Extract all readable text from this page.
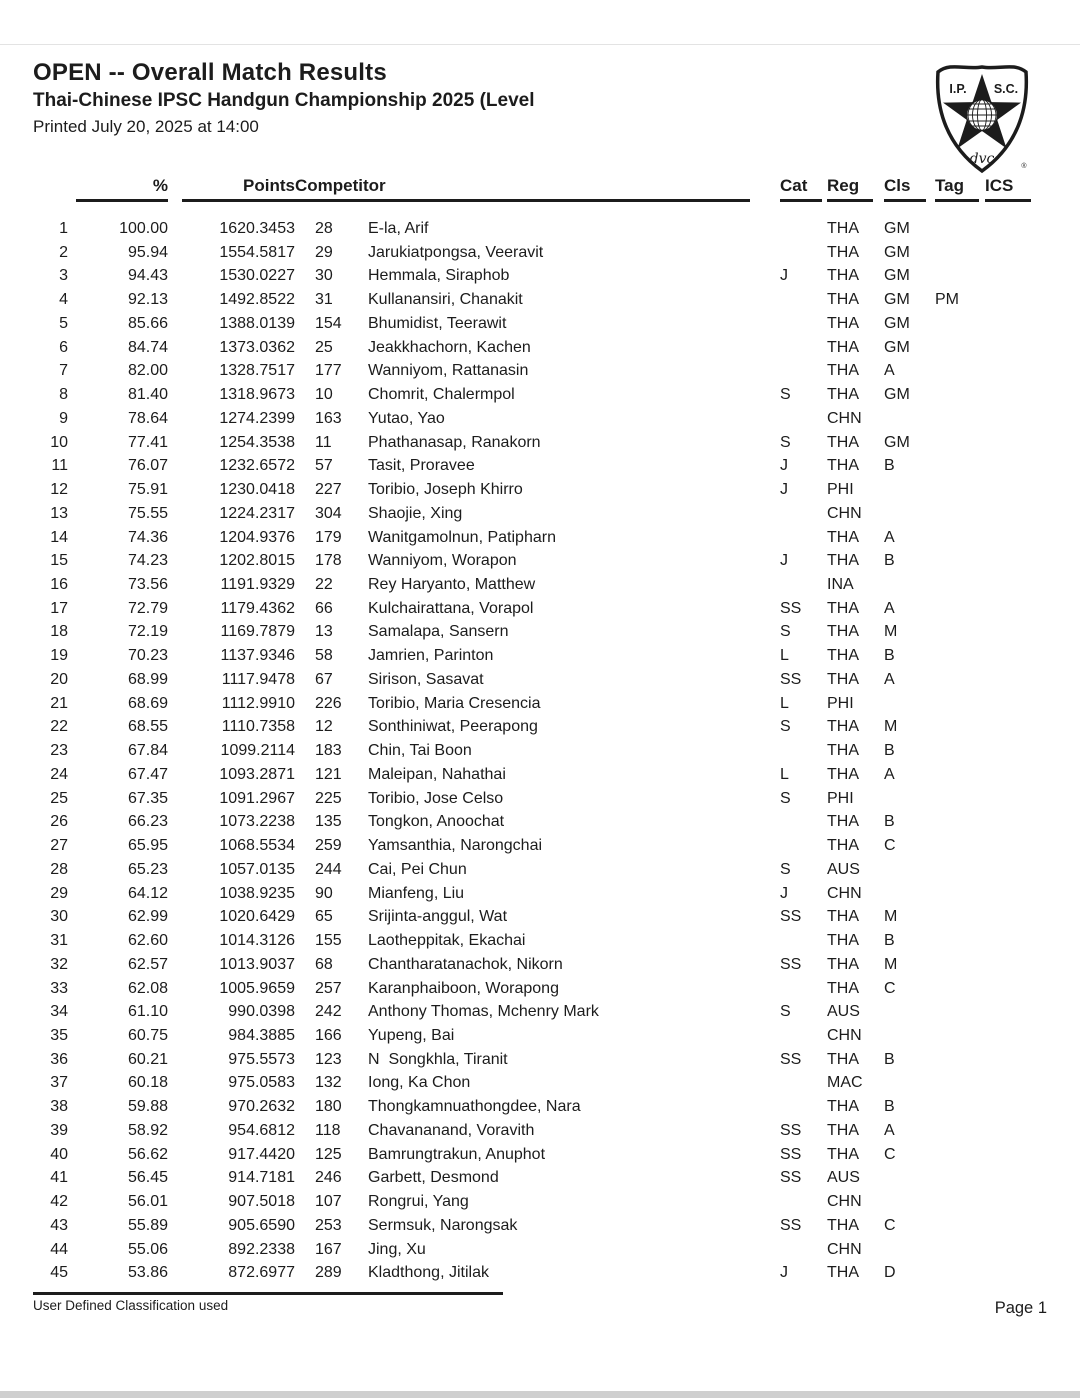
OPEN -- Overall Match Results
Thai-Chinese IPSC Handgun Championship 2025 (Level
Printed July 20, 2025 at 14:00
I.P. S.C.
dvc	®

	%	Points	Competitor		Cat	Reg	Cls	Tag	ICS

1	100.00	1620.3453	28	E-la, Arif		THA	GM		
2	95.94	1554.5817	29	Jarukiatpongsa, Veeravit		THA	GM		
3	94.43	1530.0227	30	Hemmala, Siraphob	J	THA	GM		
4	92.13	1492.8522	31	Kullanansiri, Chanakit		THA	GM	PM	
5	85.66	1388.0139	154	Bhumidist, Teerawit		THA	GM		
6	84.74	1373.0362	25	Jeakkhachorn, Kachen		THA	GM		
7	82.00	1328.7517	177	Wanniyom, Rattanasin		THA	A		
8	81.40	1318.9673	10	Chomrit, Chalermpol	S	THA	GM		
9	78.64	1274.2399	163	Yutao, Yao		CHN			
10	77.41	1254.3538	11	Phathanasap, Ranakorn	S	THA	GM		
11	76.07	1232.6572	57	Tasit, Proravee	J	THA	B		
12	75.91	1230.0418	227	Toribio, Joseph Khirro	J	PHI			
13	75.55	1224.2317	304	Shaojie, Xing		CHN			
14	74.36	1204.9376	179	Wanitgamolnun, Patipharn		THA	A		
15	74.23	1202.8015	178	Wanniyom, Worapon	J	THA	B		
16	73.56	1191.9329	22	Rey Haryanto, Matthew		INA			
17	72.79	1179.4362	66	Kulchairattana, Vorapol	SS	THA	A		
18	72.19	1169.7879	13	Samalapa, Sansern	S	THA	M		
19	70.23	1137.9346	58	Jamrien, Parinton	L	THA	B		
20	68.99	1117.9478	67	Sirison, Sasavat	SS	THA	A		
21	68.69	1112.9910	226	Toribio, Maria Cresencia	L	PHI			
22	68.55	1110.7358	12	Sonthiniwat, Peerapong	S	THA	M		
23	67.84	1099.2114	183	Chin, Tai Boon		THA	B		
24	67.47	1093.2871	121	Maleipan, Nahathai	L	THA	A		
25	67.35	1091.2967	225	Toribio, Jose Celso	S	PHI			
26	66.23	1073.2238	135	Tongkon, Anoochat		THA	B		
27	65.95	1068.5534	259	Yamsanthia, Narongchai		THA	C		
28	65.23	1057.0135	244	Cai, Pei Chun	S	AUS			
29	64.12	1038.9235	90	Mianfeng, Liu	J	CHN			
30	62.99	1020.6429	65	Srijinta-anggul, Wat	SS	THA	M		
31	62.60	1014.3126	155	Laotheppitak, Ekachai		THA	B		
32	62.57	1013.9037	68	Chantharatanachok, Nikorn	SS	THA	M		
33	62.08	1005.9659	257	Karanphaiboon, Worapong		THA	C		
34	61.10	990.0398	242	Anthony Thomas, Mchenry Mark	S	AUS			
35	60.75	984.3885	166	Yupeng, Bai		CHN			
36	60.21	975.5573	123	N  Songkhla, Tiranit	SS	THA	B		
37	60.18	975.0583	132	Iong, Ka Chon		MAC			
38	59.88	970.2632	180	Thongkamnuathongdee, Nara		THA	B		
39	58.92	954.6812	118	Chavananand, Voravith	SS	THA	A		
40	56.62	917.4420	125	Bamrungtrakun, Anuphot	SS	THA	C		
41	56.45	914.7181	246	Garbett, Desmond	SS	AUS			
42	56.01	907.5018	107	Rongrui, Yang		CHN			
43	55.89	905.6590	253	Sermsuk, Narongsak	SS	THA	C		
44	55.06	892.2338	167	Jing, Xu		CHN			
45	53.86	872.6977	289	Kladthong, Jitilak	J	THA	D		
User Defined Classification used	Page 1
